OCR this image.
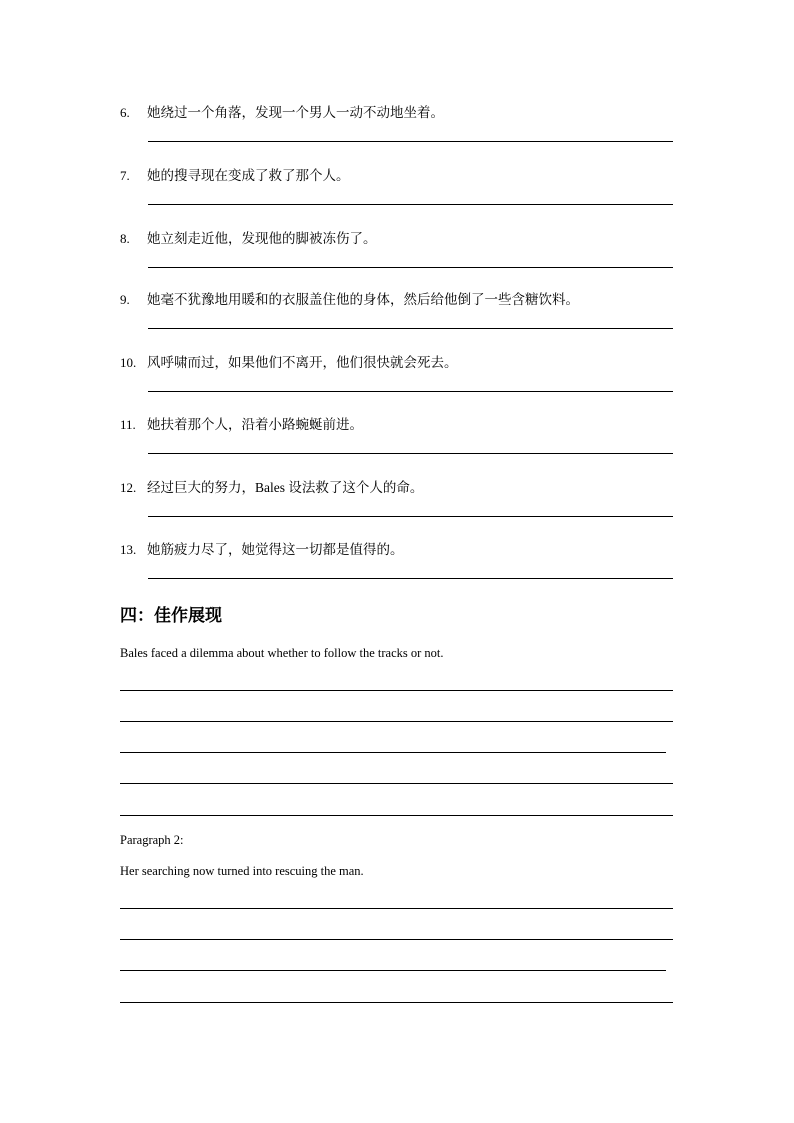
6. 她绕过一个角落，发现一个男人一动不动地坐着。
7. 她的搜寻现在变成了救了那个人。
8. 她立刻走近他，发现他的脚被冻伤了。
9. 她毫不犹豫地用暖和的衣服盖住他的身体，然后给他倒了一些含糖饮料。
10. 风呼啸而过，如果他们不离开，他们很快就会死去。
11. 她扶着那个人，沿着小路蜿蜒前进。
12. 经过巨大的努力，Bales 设法救了这个人的命。
13. 她筋疲力尽了，她觉得这一切都是值得的。
四：佳作展现
Bales faced a dilemma about whether to follow the tracks or not.
Paragraph 2:
Her searching now turned into rescuing the man.
